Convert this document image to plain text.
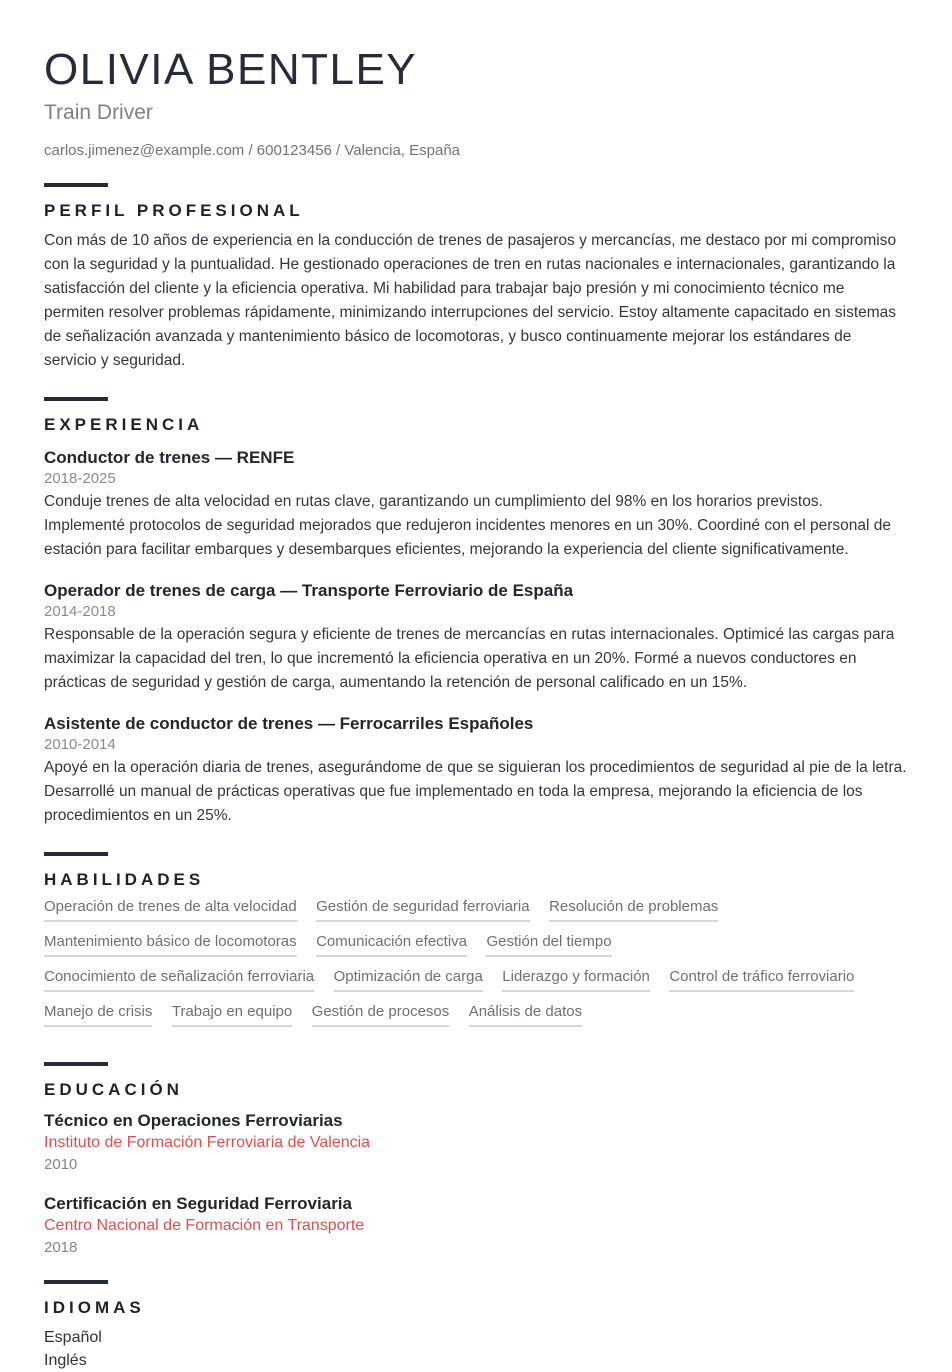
OLIVIA BENTLEY
Train Driver
carlos.jimenez@example.com / 600123456 / Valencia, España
PERFIL PROFESIONAL
Con más de 10 años de experiencia en la conducción de trenes de pasajeros y mercancías, me destaco por mi compromiso con la seguridad y la puntualidad. He gestionado operaciones de tren en rutas nacionales e internacionales, garantizando la satisfacción del cliente y la eficiencia operativa. Mi habilidad para trabajar bajo presión y mi conocimiento técnico me permiten resolver problemas rápidamente, minimizando interrupciones del servicio. Estoy altamente capacitado en sistemas de señalización avanzada y mantenimiento básico de locomotoras, y busco continuamente mejorar los estándares de servicio y seguridad.
EXPERIENCIA
Conductor de trenes — RENFE
2018-2025
Conduje trenes de alta velocidad en rutas clave, garantizando un cumplimiento del 98% en los horarios previstos. Implementé protocolos de seguridad mejorados que redujeron incidentes menores en un 30%. Coordiné con el personal de estación para facilitar embarques y desembarques eficientes, mejorando la experiencia del cliente significativamente.
Operador de trenes de carga — Transporte Ferroviario de España
2014-2018
Responsable de la operación segura y eficiente de trenes de mercancías en rutas internacionales. Optimicé las cargas para maximizar la capacidad del tren, lo que incrementó la eficiencia operativa en un 20%. Formé a nuevos conductores en prácticas de seguridad y gestión de carga, aumentando la retención de personal calificado en un 15%.
Asistente de conductor de trenes — Ferrocarriles Españoles
2010-2014
Apoyé en la operación diaria de trenes, asegurándome de que se siguieran los procedimientos de seguridad al pie de la letra. Desarrollé un manual de prácticas operativas que fue implementado en toda la empresa, mejorando la eficiencia de los procedimientos en un 25%.
HABILIDADES
Operación de trenes de alta velocidad Gestión de seguridad ferroviaria Resolución de problemas Mantenimiento básico de locomotoras Comunicación efectiva Gestión del tiempo Conocimiento de señalización ferroviaria Optimización de carga Liderazgo y formación Control de tráfico ferroviario Manejo de crisis Trabajo en equipo Gestión de procesos Análisis de datos
EDUCACIÓN
Técnico en Operaciones Ferroviarias
Instituto de Formación Ferroviaria de Valencia
2010
Certificación en Seguridad Ferroviaria
Centro Nacional de Formación en Transporte
2018
IDIOMAS
Español
Inglés
